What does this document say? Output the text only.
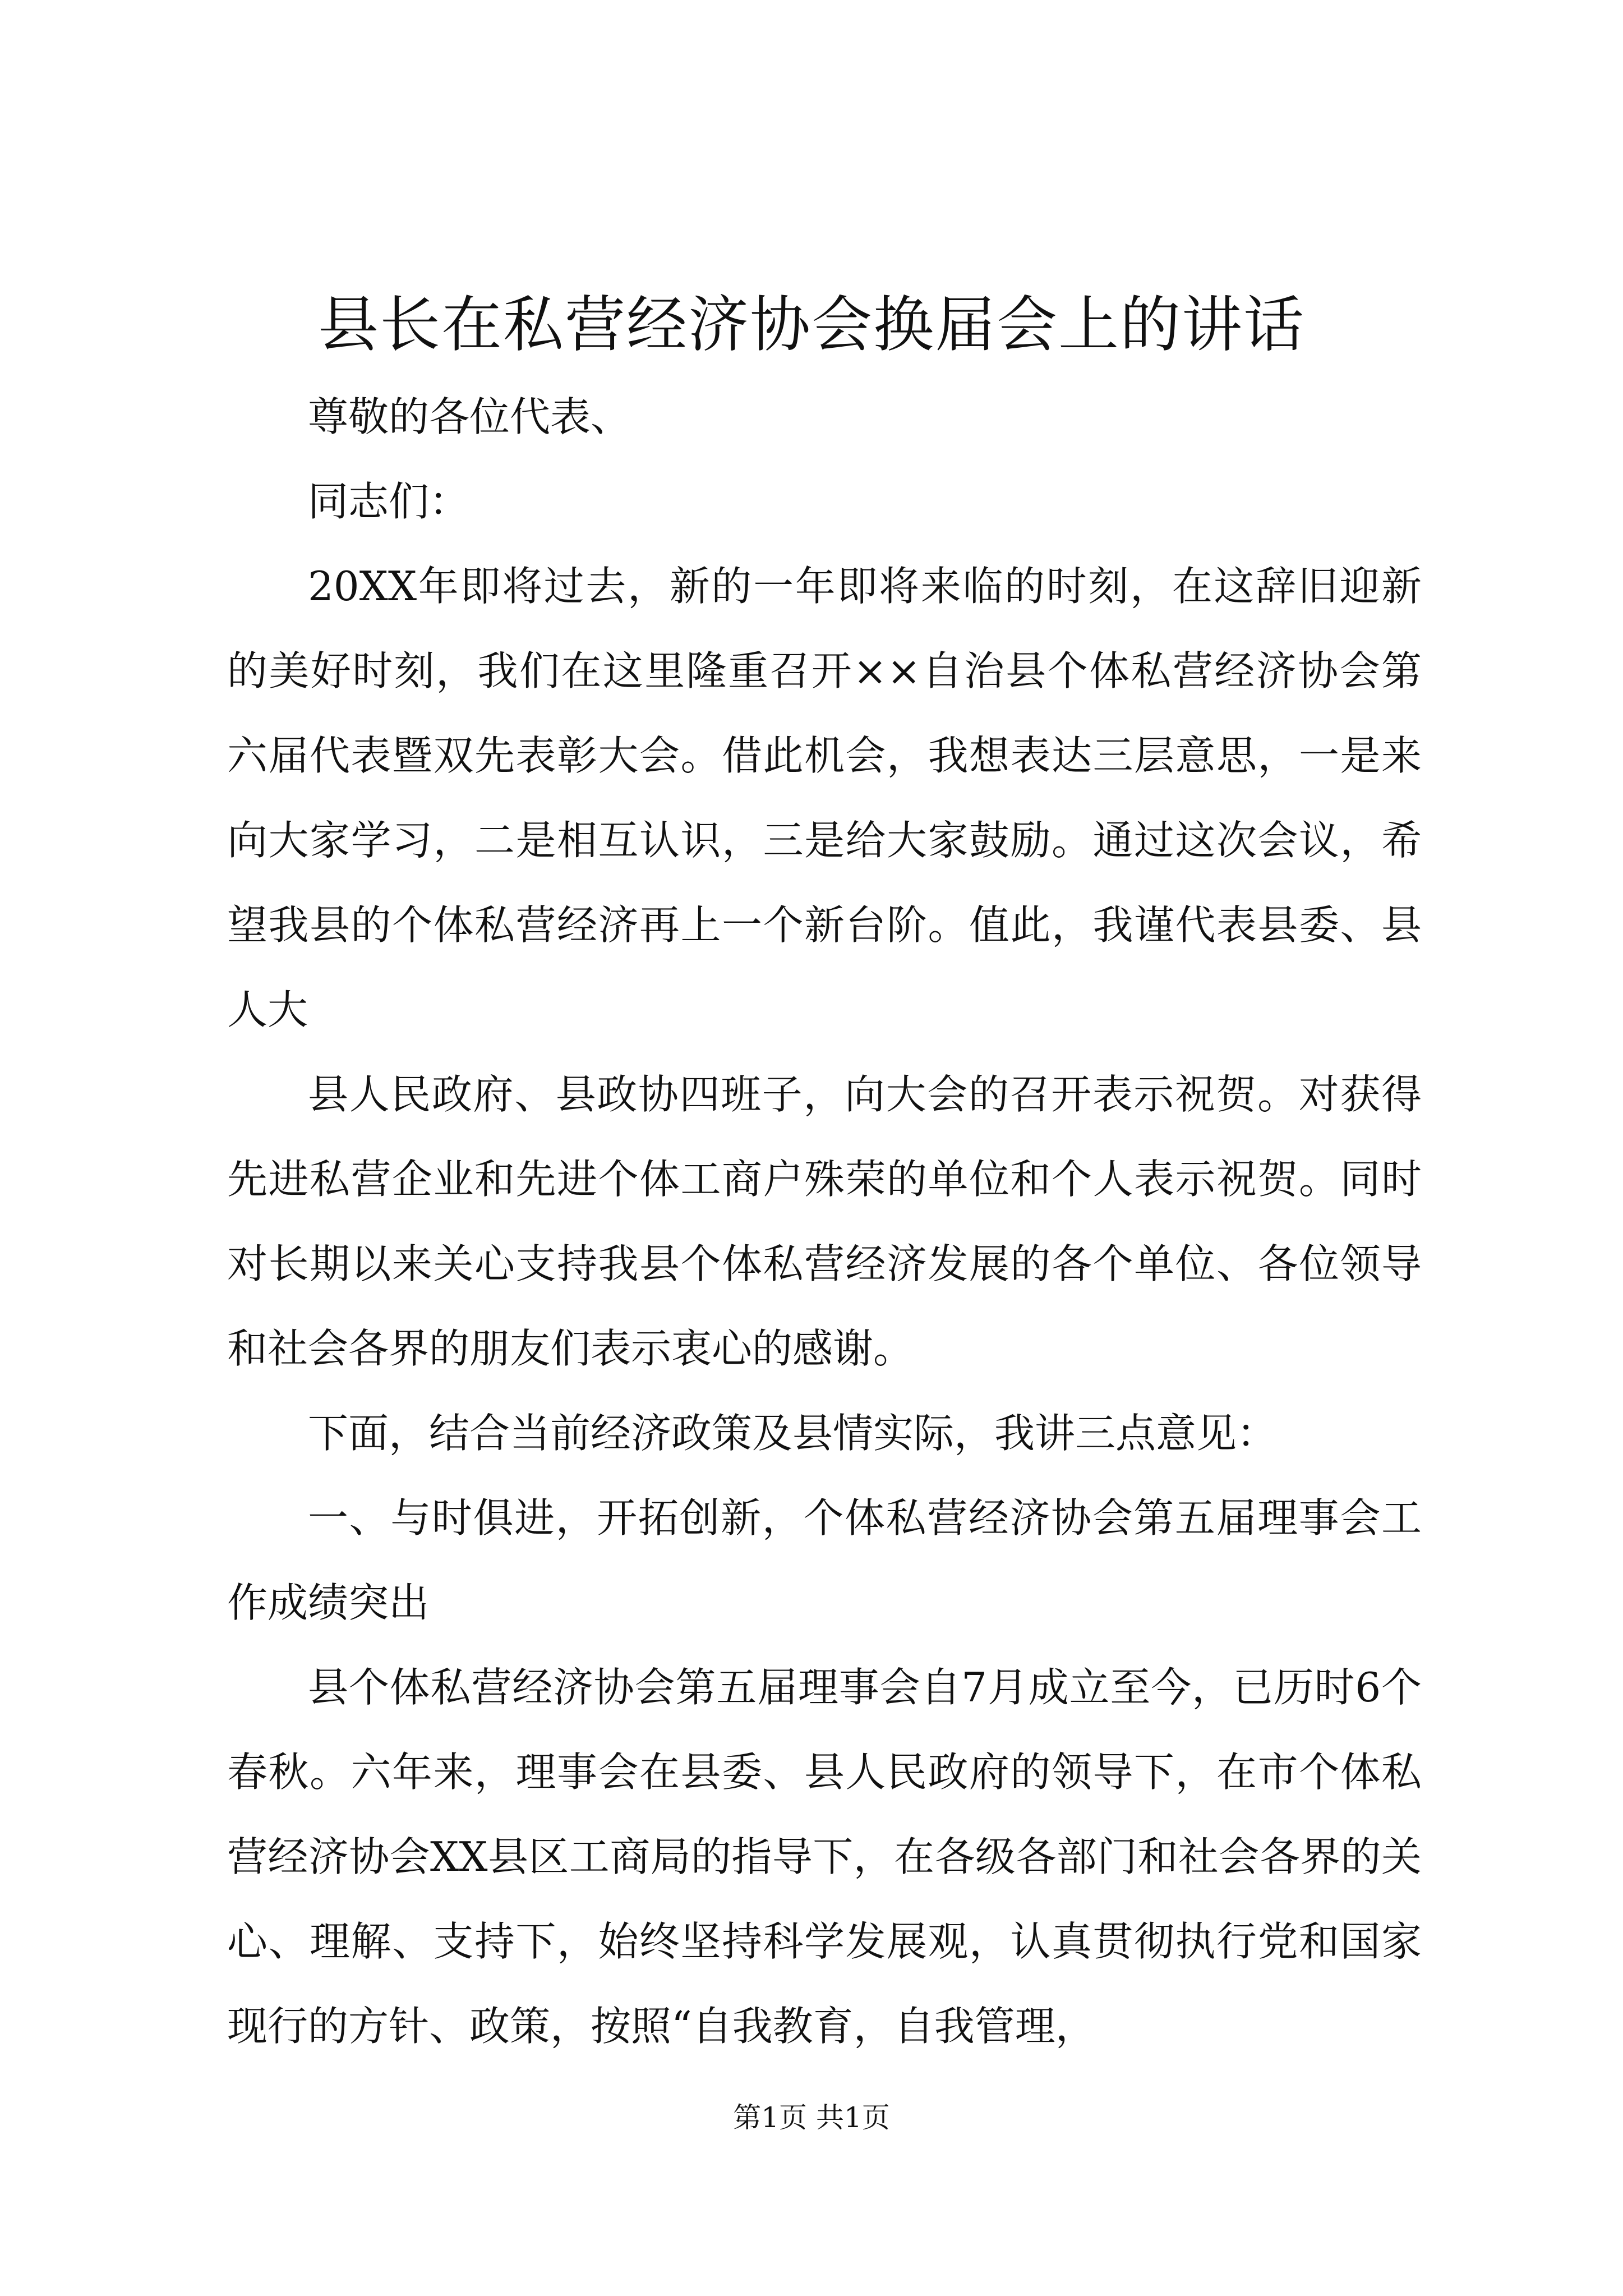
县长在私营经济协会换届会上的讲话

尊敬的各位代表、

同志们：

20XX年即将过去，新的一年即将来临的时刻，在这辞旧迎新的美好时刻，我们在这里隆重召开××自治县个体私营经济协会第六届代表暨双先表彰大会。借此机会，我想表达三层意思，一是来向大家学习，二是相互认识，三是给大家鼓励。通过这次会议，希望我县的个体私营经济再上一个新台阶。值此，我谨代表县委、县人大

县人民政府、县政协四班子，向大会的召开表示祝贺。对获得先进私营企业和先进个体工商户殊荣的单位和个人表示祝贺。同时对长期以来关心支持我县个体私营经济发展的各个单位、各位领导和社会各界的朋友们表示衷心的感谢。

下面，结合当前经济政策及县情实际，我讲三点意见：

一、与时俱进，开拓创新，个体私营经济协会第五届理事会工作成绩突出

县个体私营经济协会第五届理事会自7月成立至今，已历时6个春秋。六年来，理事会在县委、县人民政府的领导下，在市个体私营经济协会XX县区工商局的指导下，在各级各部门和社会各界的关心、理解、支持下，始终坚持科学发展观，认真贯彻执行党和国家现行的方针、政策，按照“自我教育，自我管理，

第1页 共1页
